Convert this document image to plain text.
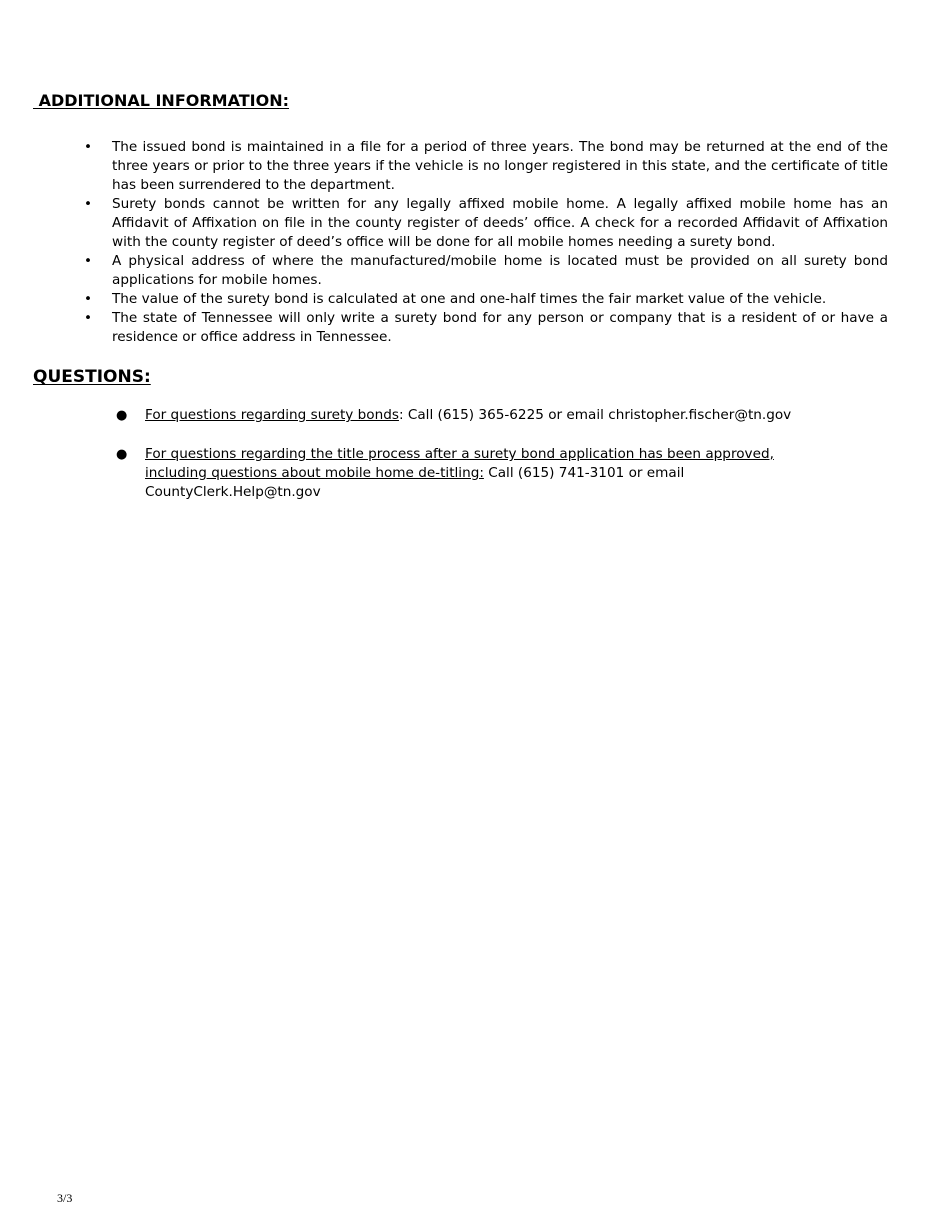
ADDITIONAL INFORMATION:
• The issued bond is maintained in a file for a period of three years. The bond may be returned at the end of the three years or prior to the three years if the vehicle is no longer registered in this state, and the certificate of title has been surrendered to the department.
• Surety bonds cannot be written for any legally affixed mobile home. A legally affixed mobile home has an Affidavit of Affixation on file in the county register of deeds’ office. A check for a recorded Affidavit of Affixation with the county register of deed’s office will be done for all mobile homes needing a surety bond.
• A physical address of where the manufactured/mobile home is located must be provided on all surety bond applications for mobile homes.
• The value of the surety bond is calculated at one and one-half times the fair market value of the vehicle.
• The state of Tennessee will only write a surety bond for any person or company that is a resident of or have a residence or office address in Tennessee.
QUESTIONS:
● For questions regarding surety bonds: Call (615) 365-6225 or email christopher.fischer@tn.gov
● For questions regarding the title process after a surety bond application has been approved, including questions about mobile home de-titling: Call (615) 741-3101 or email CountyClerk.Help@tn.gov
3/3
